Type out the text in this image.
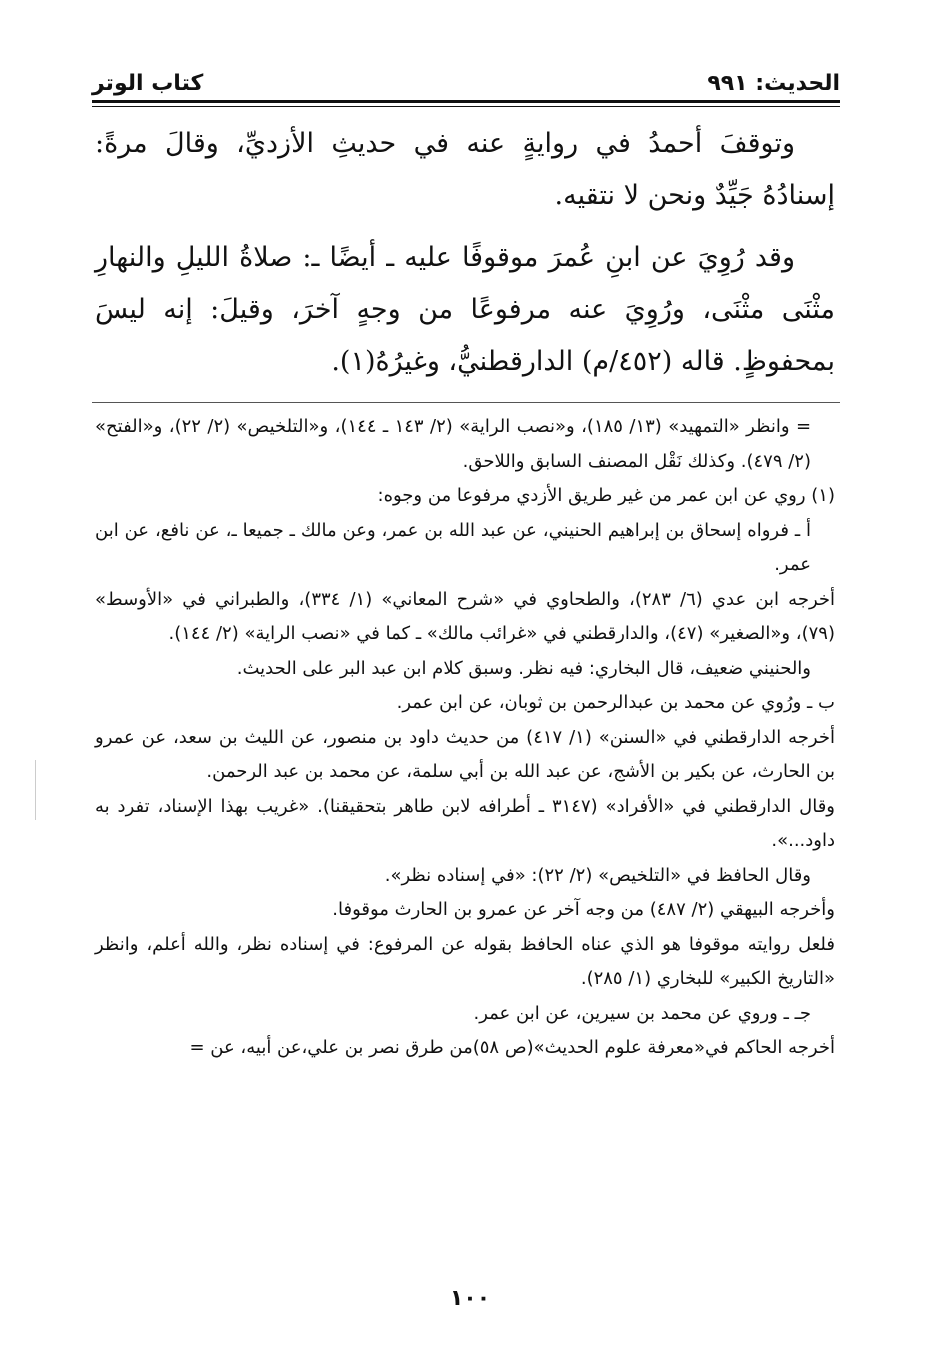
الحديث: ٩٩١
كتاب الوتر

وتوقفَ أحمدُ في روايةٍ عنه في حديثِ الأزديِّ، وقالَ مرةً: إسنادُهُ جَيِّدٌ ونحن لا نتقيه.

وقد رُوِيَ عن ابنِ عُمرَ موقوفًا عليه ـ أيضًا ـ: صلاةُ الليلِ والنهارِ مثْنَى مثْنَى، ورُوِيَ عنه مرفوعًا من وجهٍ آخرَ، وقيلَ: إنه ليسَ بمحفوظٍ. قاله (٤٥٢/م) الدارقطنيُّ، وغيرُهُ(١).

= وانظر «التمهيد» (١٣/ ١٨٥)، و«نصب الراية» (٢/ ١٤٣ ـ ١٤٤)، و«التلخيص» (٢/ ٢٢)، و«الفتح» (٢/ ٤٧٩). وكذلك نَقْل المصنف السابق واللاحق.

(١) روي عن ابن عمر من غير طريق الأزدي مرفوعا من وجوه:

أ ـ فرواه إسحاق بن إبراهيم الحنيني، عن عبد الله بن عمر، وعن مالك ـ جميعا ـ، عن نافع، عن ابن عمر.

أخرجه ابن عدي (٦/ ٢٨٣)، والطحاوي في «شرح المعاني» (١/ ٣٣٤)، والطبراني في «الأوسط» (٧٩)، و«الصغير» (٤٧)، والدارقطني في «غرائب مالك» ـ كما في «نصب الراية» (٢/ ١٤٤).

والحنيني ضعيف، قال البخاري: فيه نظر. وسبق كلام ابن عبد البر على الحديث.

ب ـ ورُوي عن محمد بن عبدالرحمن بن ثوبان، عن ابن عمر.

أخرجه الدارقطني في «السنن» (١/ ٤١٧) من حديث داود بن منصور، عن الليث بن سعد، عن عمرو بن الحارث، عن بكير بن الأشج، عن عبد الله بن أبي سلمة، عن محمد بن عبد الرحمن.

وقال الدارقطني في «الأفراد» (٣١٤٧ ـ أطرافه لابن طاهر بتحقيقنا). «غريب بهذا الإسناد، تفرد به داود...».

وقال الحافظ في «التلخيص» (٢/ ٢٢): «في إسناده نظر».

وأخرجه البيهقي (٢/ ٤٨٧) من وجه آخر عن عمرو بن الحارث موقوفا.

فلعل روايته موقوفا هو الذي عناه الحافظ بقوله عن المرفوع: في إسناده نظر، والله أعلم، وانظر «التاريخ الكبير» للبخاري (١/ ٢٨٥).

جـ ـ وروي عن محمد بن سيرين، عن ابن عمر.

أخرجه الحاكم في«معرفة علوم الحديث»(ص ٥٨)من طرق نصر بن علي،عن أبيه، عن =

١٠٠
